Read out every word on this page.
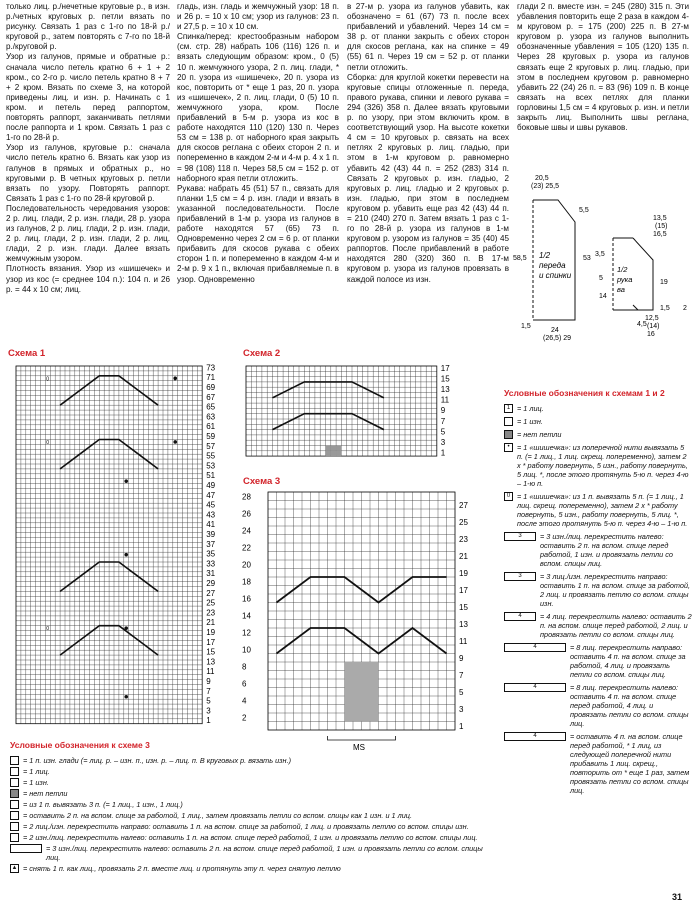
только лиц. р./нечетные круговые р., в изн. р./четных круговых р. петли вязать по рисунку. Связать 1 раз с 1-го по 18-й р./круговой р., затем повторять с 7-го по 18-й р./круговой р.

Узор из галунов, прямые и обратные р.: сначала число петель кратно 6 + 1 + 2 кром., со 2-го р. число петель кратно 8 + 7 + 2 кром. Вязать по схеме 3, на которой приведены лиц. и изн. р. Начинать с 1 кром. и петель перед раппортом, повторять раппорт, заканчивать петлями после раппорта и 1 кром. Связать 1 раз с 1-го по 28-й р.

Узор из галунов, круговые р.: сначала число петель кратно 6. Вязать как узор из галунов в прямых и обратных р., но круговыми р. В четных круговых р. петли вязать по узору. Повторять раппорт. Связать 1 раз с 1-го по 28-й круговой р.

Последовательность чередования узоров: 2 р. лиц. глади, 2 р. изн. глади, 28 р. узора из галунов, 2 р. лиц. глади, 2 р. изн. глади, 2 р. лиц. глади, 2 р. изн. глади, 2 р. лиц. глади, 2 р. изн. глади. Далее вязать жемчужным узором.

Плотность вязания. Узор из «шишечек» и узор из кос (= среднее 104 п.): 104 п. и 26 р. = 44 х 10 см; лиц.

гладь, изн. гладь и жемчужный узор: 18 п. и 26 р. = 10 х 10 см; узор из галунов: 23 п. и 27,5 р. = 10 х 10 см.

Спинка/перед: крестообразным набором (см. стр. 28) набрать 106 (116) 126 п. и вязать следующим образом: кром., 0 (5) 10 п. жемчужного узора, 2 п. лиц. глади, * 20 п. узора из «шишечек», 20 п. узора из кос, повторить от * еще 1 раз, 20 п. узора из «шишечек», 2 п. лиц. глади, 0 (5) 10 п. жемчужного узора, кром. После прибавлений в 5-м р. узора из кос в работе находятся 110 (120) 130 п. Через 53 см = 138 р. от наборного края закрыть для скосов реглана с обеих сторон 2 п. и попеременно в каждом 2-м и 4-м р. 4 х 1 п. = 98 (108) 118 п. Через 58,5 см = 152 р. от наборного края петли отложить.

Рукава: набрать 45 (51) 57 п., связать для планки 1,5 см = 4 р. изн. глади и вязать в указанной последовательности. После прибавлений в 1-м р. узора из галунов в работе находятся 57 (65) 73 п. Одновременно через 2 см = 6 р. от планки прибавить для скосов рукава с обеих сторон 1 п. и попеременно в каждом 4-м и 2-м р. 9 х 1 п., включая прибавляемые п. в узор. Одновременно

в 27-м р. узора из галунов убавить, как обозначено = 61 (67) 73 п. после всех прибавлений и убавлений. Через 14 см = 38 р. от планки закрыть с обеих сторон для скосов реглана, как на спинке = 49 (55) 61 п. Через 19 см = 52 р. от планки петли отложить.

Сборка: для круглой кокетки перевести на круговые спицы отложенные п. переда, правого рукава, спинки и левого рукава = 294 (326) 358 п. Далее вязать круговыми р. по узору, при этом включить кром. в соответствующий узор. На высоте кокетки 4 см = 10 круговых р. связать на всех петлях 2 круговых р. лиц. гладью, при этом в 1-м круговом р. равномерно убавить 42 (43) 44 п. = 252 (283) 314 п. Связать 2 круговых р. изн. гладью, 2 круговых р. лиц. гладью и 2 круговых р. изн. гладью, при этом в последнем круговом р. убавить еще раз 42 (43) 44 п. = 210 (240) 270 п. Затем вязать 1 раз с 1-го по 28-й р. узора из галунов в 1-м круговом р. узором из галунов = 35 (40) 45 раппортов. После прибавлений в работе находятся 280 (320) 360 п. В 17-м круговом р. узора из галунов провязать в каждой полосе из изн.

глади 2 п. вместе изн. = 245 (280) 315 п. Эти убавления повторить еще 2 раза в каждом 4-м круговом р. = 175 (200) 225 п. В 27-м круговом р. узора из галунов выполнить обозначенные убавления = 105 (120) 135 п. Через 28 круговых р. узора из галунов связать еще 2 круговых р. лиц. гладью, при этом в последнем круговом р. равномерно убавить 22 (24) 26 п. = 83 (96) 109 п. В конце связать на всех петлях для планки горловины 1,5 см = 4 круговых р. изн. и петли закрыть лиц. Выполнить швы реглана, боковые швы и швы рукавов.

1/2
переда
и спинки
20,5
(23) 25,5
5,5
58,5	53
24
(26,5) 29
1,5
1/2
рука
ва
3,5
13,5
(15)
16,5
5
14
19
1,5
4,5
12,5
(14)
16
2
Схема 1	Схема 2
Схема 3
73
71
69
67
65
63
61
59
57
55
53
51
49
47
45
43
41
39
37
35
33
31
29
27
25
23
21
19
17
15
13
11
9
7
5
3
1
0	0
0
0
17
15
13
11
9
7
5
3
1
28
26
24
22
20
18
16
14
12
10
8
6
4
2
27
25
23
21
19
17
15
13
11
9
7
5
3
1
MS
Условные обозначения к схемам 1 и 2
1 = 1 лиц.
= 1 изн.
= нет петли
•	= 1 «шишечка»: из поперечной нити вывязать 5 п. (= 1 лиц., 1 лиц. скрещ. попеременно), затем 2 х * работу повернуть, 5 изн., работу повернуть, 5 лиц. *, после этого протянуть 5-ю п. через 4-ю – 1-ю п.
0 = 1 «шишечка»: из 1 п. вывязать 5 п. (= 1 лиц., 1 лиц. скрещ. попеременно), затем 2 х * работу повернуть, 5 изн., работу повернуть, 5 лиц. *, после этого протянуть 5-ю п. через 4-ю – 1-ю п.
3	= 3 изн./лиц. перекрестить налево: оставить 2 п. на вспом. спице перед работой, 1 изн. и провязать петли со вспом. спицы лиц.
3	= 3 лиц./изн. перекрестить направо: оставить 1 п. на вспом. спице за работой, 2 лиц. и провязать петлю со вспом. спицы изн.
4	= 4 лиц. перекрестить налево: оставить 2 п. на вспом. спице перед работой, 2 лиц. и провязать петли со вспом. спицы лиц.
4	= 8 лиц. перекрестить направо: оставить 4 п. на вспом. спице за работой, 4 лиц. и провязать петли со вспом. спицы лиц.
4	= 8 лиц. перекрестить налево: оставить 4 п. на вспом. спице перед работой, 4 лиц. и провязать петли со вспом. спицы лиц.
4	= оставить 4 п. на вспом. спице перед работой, * 1 лиц, из следующей поперечной нити прибавить 1 лиц. скрещ., повторить от * еще 1 раз, затем провязать петли со вспом. спицы лиц.
Условные обозначения к схеме 3
= 1 п. изн. глади (= лиц. р. – изн. п., изн. р. – лиц. п. В круговых р. вязать изн.)
= 1 лиц.
= 1 изн.
= нет петли
= из 1 п. вывязать 3 п. (= 1 лиц., 1 изн., 1 лиц.)
= оставить 2 п. на вспом. спице за работой, 1 лиц., затем провязать петли со вспом. спицы как 1 изн. и 1 лиц.
= 2 лиц./изн. перекрестить направо: оставить 1 п. на вспом. спице за работой, 1 лиц. и провязать петлю со вспом. спицы изн.
= 2 изн./лиц. перекрестить налево: оставить 1 п. на вспом. спице перед работой, 1 изн. и провязать петлю со вспом. спицы лиц.
= 3 изн./лиц. перекрестить налево: оставить 2 п. на вспом. спице перед работой, 1 изн. и провязать петли со вспом. спицы лиц.
▲ = снять 1 п. как лиц., провязать 2 п. вместе лиц. и протянуть эту п. через снятую петлю
31
